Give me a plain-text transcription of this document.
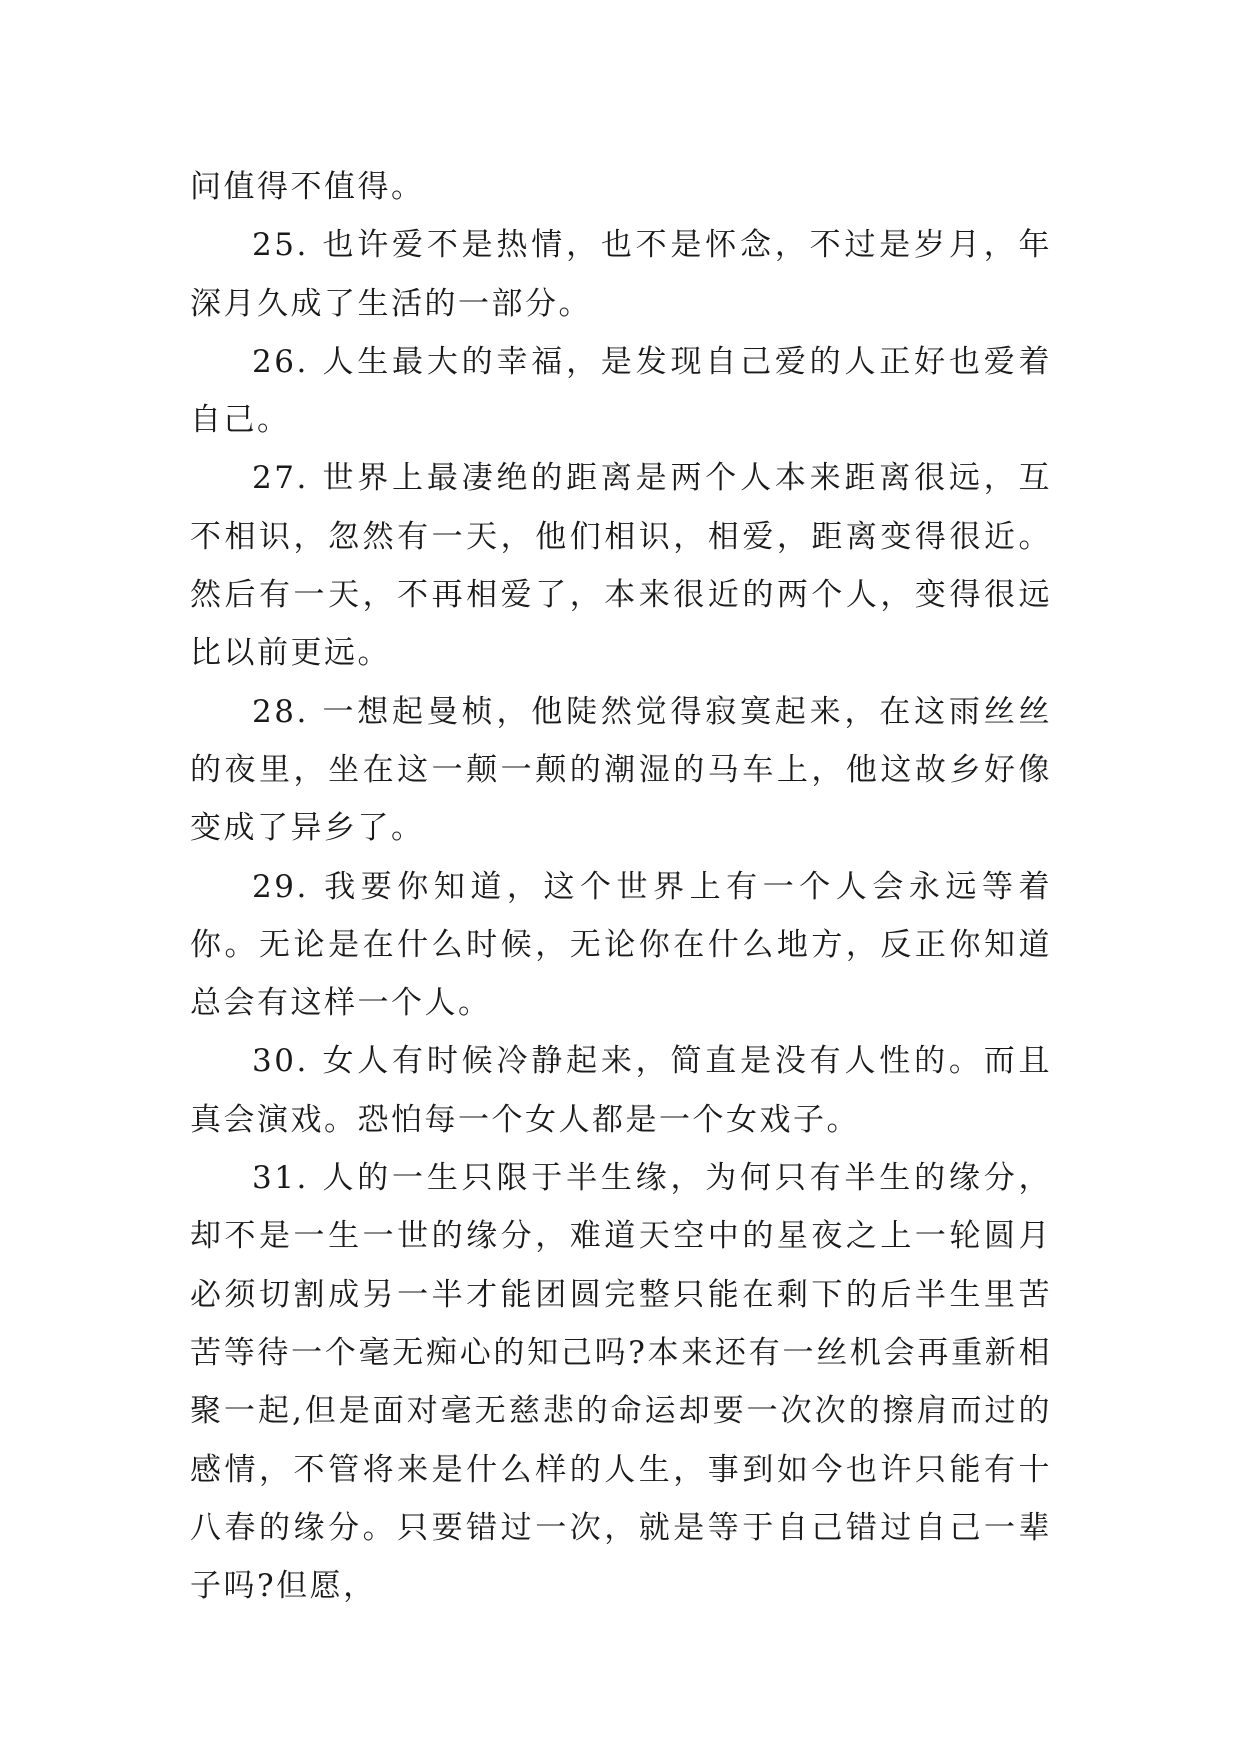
问值得不值得。

25. 也许爱不是热情，也不是怀念，不过是岁月，年深月久成了生活的一部分。

26. 人生最大的幸福，是发现自己爱的人正好也爱着自己。

27. 世界上最凄绝的距离是两个人本来距离很远，互不相识，忽然有一天，他们相识，相爱，距离变得很近。然后有一天，不再相爱了，本来很近的两个人，变得很远比以前更远。

28. 一想起曼桢，他陡然觉得寂寞起来，在这雨丝丝的夜里，坐在这一颠一颠的潮湿的马车上，他这故乡好像变成了异乡了。

29. 我要你知道，这个世界上有一个人会永远等着你。无论是在什么时候，无论你在什么地方，反正你知道总会有这样一个人。

30. 女人有时候冷静起来，简直是没有人性的。而且真会演戏。恐怕每一个女人都是一个女戏子。

31. 人的一生只限于半生缘，为何只有半生的缘分，却不是一生一世的缘分，难道天空中的星夜之上一轮圆月必须切割成另一半才能团圆完整只能在剩下的后半生里苦苦等待一个毫无痴心的知己吗?本来还有一丝机会再重新相聚一起,但是面对毫无慈悲的命运却要一次次的擦肩而过的感情，不管将来是什么样的人生，事到如今也许只能有十八春的缘分。只要错过一次，就是等于自己错过自己一辈子吗?但愿，
